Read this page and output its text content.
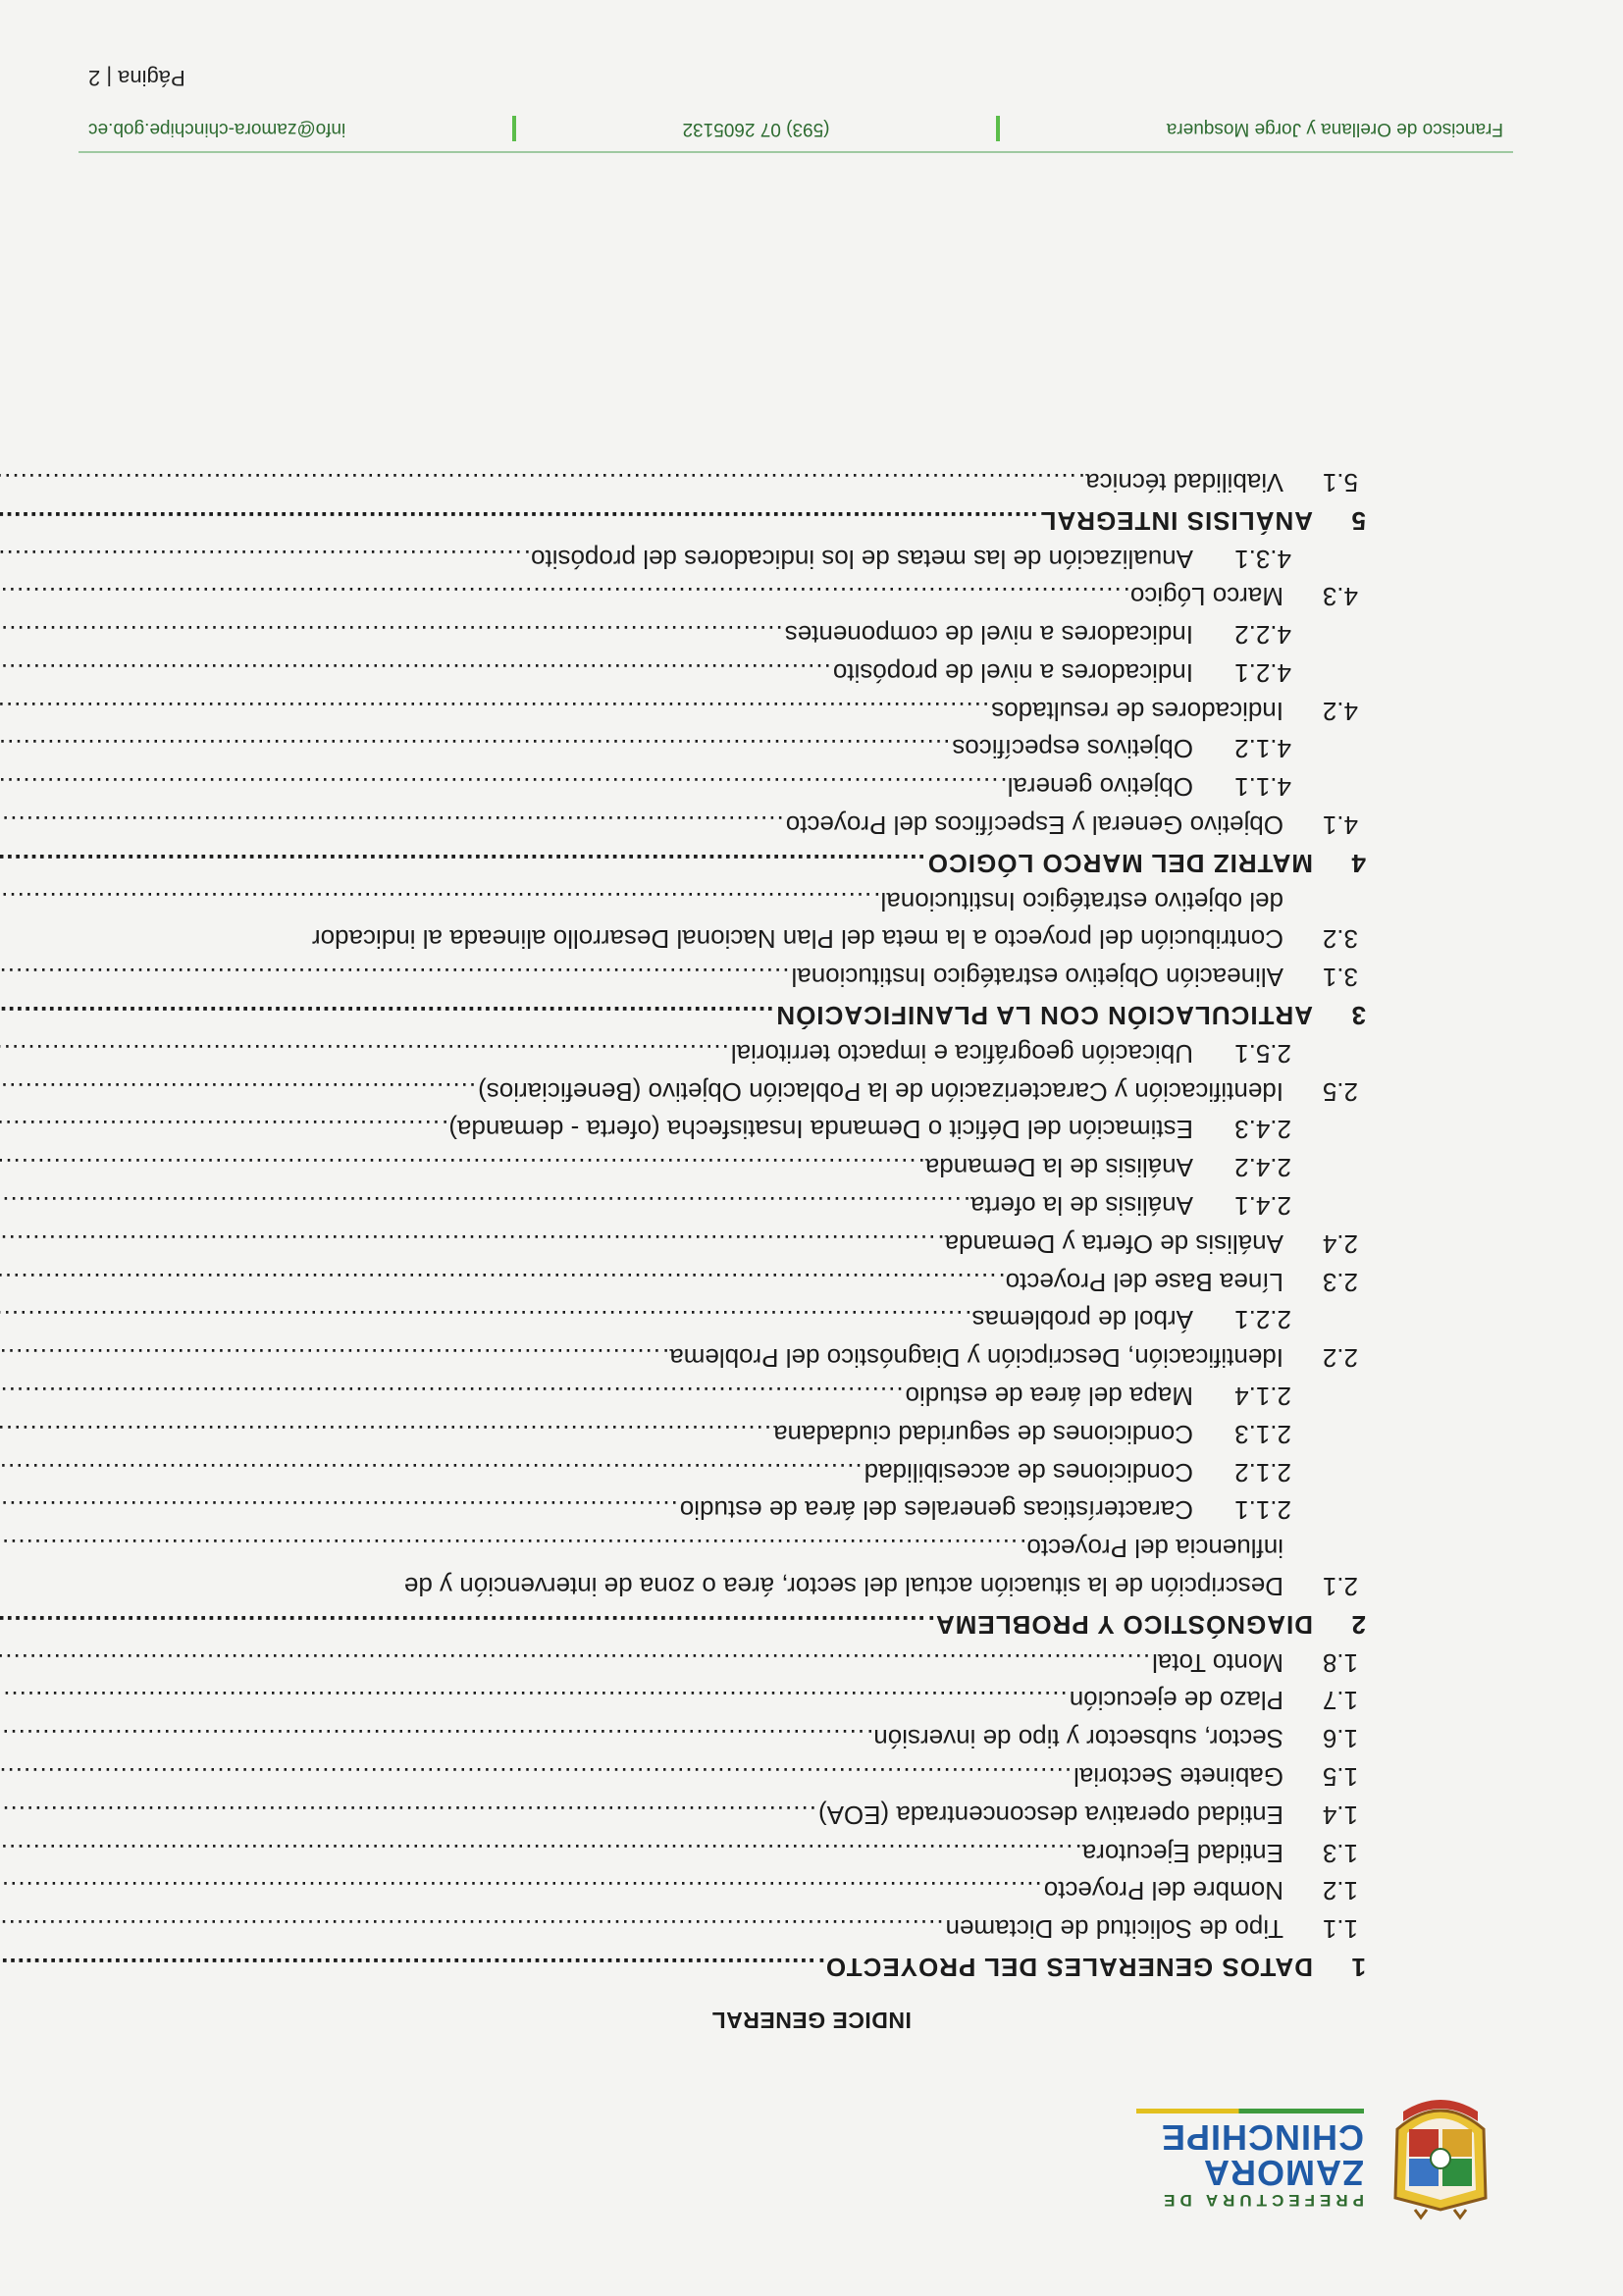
PREFECTURA DE
ZAMORA
CHINCHIPE
INDICE GENERAL
1
DATOS GENERALES DEL PROYECTO.
.....
1.1
Tipo de Solicitud de Dictamen
.....
1.2
Nombre del Proyecto
.....
1.3
Entidad Ejecutora.
.....
1.4
Entidad operativa desconcentrada (EOA)
.....
1.5
Gabinete Sectorial
.....
1.6
Sector, subsector y tipo de inversión.
.....
1.7
Plazo de ejecución
.....
1.8
Monto Total
.....
2
DIAGNÓSTICO Y PROBLEMA.
.....
2.1
Descripción de la situación actual del sector, área o zona de intervención y de
influencia del Proyecto.
.....
2.1.1
Características generales del área de estudio
.....
2.1.2
Condiciones de accesibilidad
.....
2.1.3
Condiciones de seguridad ciudadana
.....
2.1.4
Mapa del área de estudio
.....
2.2
Identificación, Descripción y Diagnóstico del Problema.
.....
2.2.1
Árbol de problemas.
.....
2.3
Línea Base del Proyecto.
.....
2.4
Análisis de Oferta y Demanda.
.....
2.4.1
Análisis de la oferta.
.....
2.4.2
Análisis de la Demanda.
.....
2.4.3
Estimación del Déficit o Demanda Insatisfecha (oferta - demanda).
.....
2.5
Identificación y Caracterización de la Población Objetivo (Beneficiarios)
.....
2.5.1
Ubicación geográfica e impacto territorial
.....
3
ARTICULACIÓN CON LA PLANIFICACIÓN
.....
3.1
Alineación Objetivo estratégico Institucional
.....
3.2
Contribución del proyecto a la meta del Plan Nacional Desarrollo alineada al indicador
del objetivo estratégico Institucional.
.....
4
MATRIZ DEL MARCO LÓGICO
.....
4.1
Objetivo General y Específicos del Proyecto
.....
4.1.1
Objetivo general.
.....
4.1.2
Objetivos específicos
.....
4.2
Indicadores de resultados
.....
4.2.1
Indicadores a nivel de propósito
.....
4.2.2
Indicadores a nivel de componentes
.....
4.3
Marco Lógico.
.....
4.3.1
Anualización de las metas de los indicadores del propósito.
.....
5
ANÁLISIS INTEGRAL
.....
5.1
Viabilidad técnica.
.....
Francisco de Orellana y Jorge Mosquera
(593) 07 2605132
info@zamora-chinchipe.gob.ec
Página | 2
